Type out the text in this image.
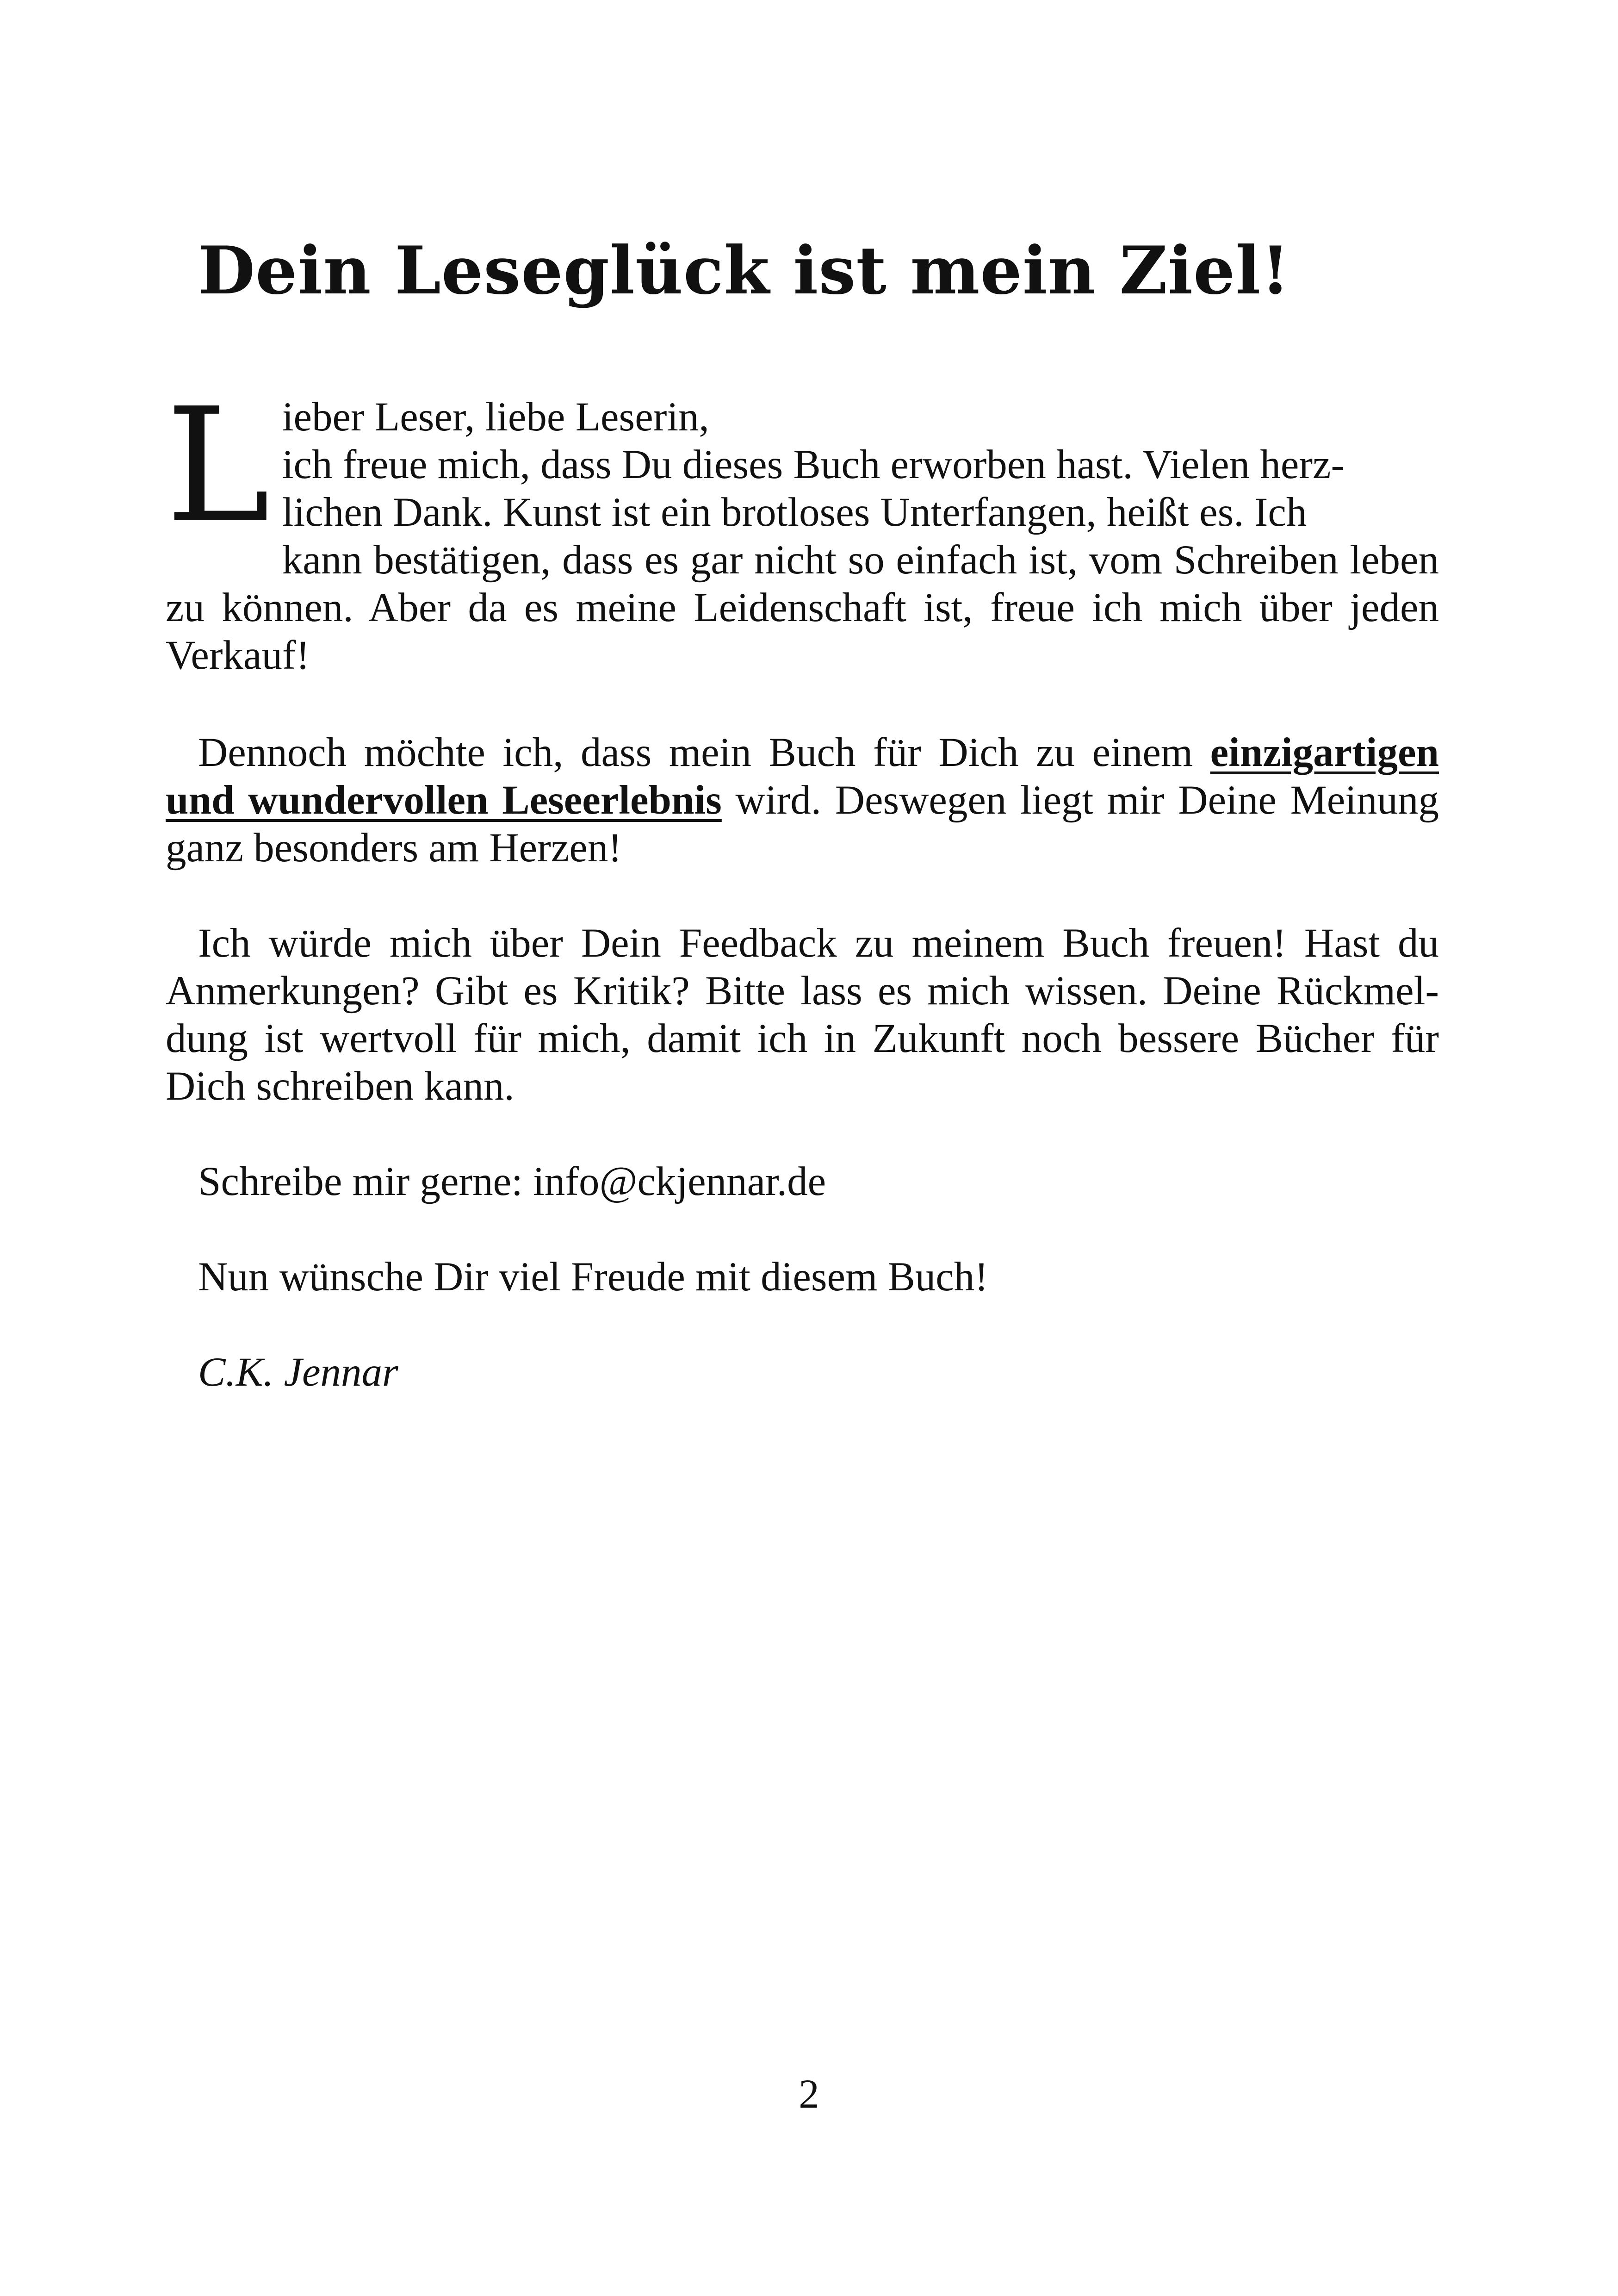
Dein Leseglück ist mein Ziel!

L ieber Leser, liebe Leserin,
ich freue mich, dass Du dieses Buch erworben hast. Vielen herz-
lichen Dank. Kunst ist ein brotloses Unterfangen, heißt es. Ich
kann bestätigen, dass es gar nicht so einfach ist, vom Schreiben leben zu können. Aber da es meine Leidenschaft ist, freue ich mich über jeden Verkauf!

Dennoch möchte ich, dass mein Buch für Dich zu einem einzigartigen und wundervollen Leseerlebnis wird. Deswegen liegt mir Deine Meinung ganz besonders am Herzen!

Ich würde mich über Dein Feedback zu meinem Buch freuen! Hast du Anmerkungen? Gibt es Kritik? Bitte lass es mich wissen. Deine Rückmeldung ist wertvoll für mich, damit ich in Zukunft noch bessere Bücher für Dich schreiben kann.

Schreibe mir gerne: info@ckjennar.de

Nun wünsche Dir viel Freude mit diesem Buch!

C.K. Jennar

2
